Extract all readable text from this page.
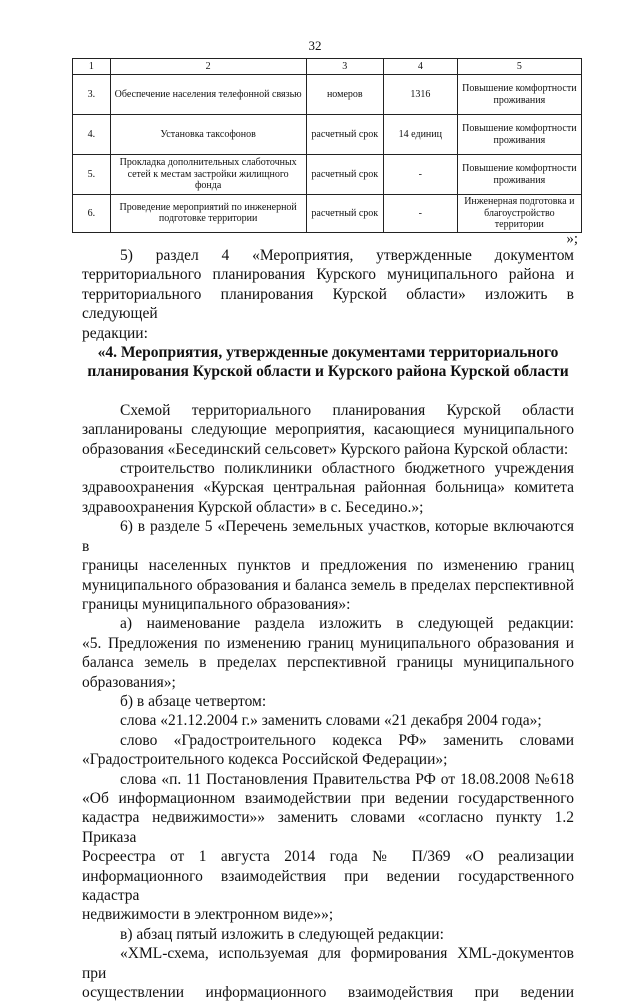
32
1	2	3	4	5
3.	Обеспечение населения телефонной связью	номеров	1316	Повышение комфортности проживания
4.	Установка таксофонов	расчетный срок	14 единиц	Повышение комфортности проживания
5.	Прокладка дополнительных слаботочных сетей к местам застройки жилищного фонда	расчетный срок	-	Повышение комфортности проживания
6.	Проведение мероприятий по инженерной подготовке территории	расчетный срок	-	Инженерная подготовка и благоустройство территории
»;

5) раздел 4 «Мероприятия, утвержденные документом

территориального планирования Курского муниципального района и

территориального планирования Курской области» изложить в следующей

редакции:

«4. Мероприятия, утвержденные документами территориального

планирования Курской области и Курского района Курской области

Схемой территориального планирования Курской области

запланированы следующие мероприятия, касающиеся муниципального

образования «Бесединский сельсовет» Курского района Курской области:

строительство поликлиники областного бюджетного учреждения

здравоохранения «Курская центральная районная больница» комитета

здравоохранения Курской области» в с. Беседино.»;

6) в разделе 5 «Перечень земельных участков, которые включаются в

границы населенных пунктов и предложения по изменению границ

муниципального образования и баланса земель в пределах перспективной

границы муниципального образования»:

а) наименование раздела изложить в следующей редакции:

«5. Предложения по изменению границ муниципального образования и

баланса земель в пределах перспективной границы муниципального

образования»;

б) в абзаце четвертом:

слова «21.12.2004 г.» заменить словами «21 декабря 2004 года»;

слово «Градостроительного кодекса РФ» заменить словами

«Градостроительного кодекса Российской Федерации»;

слова «п. 11 Постановления Правительства РФ от 18.08.2008 №618

«Об информационном взаимодействии при ведении государственного

кадастра недвижимости»» заменить словами «согласно пункту 1.2 Приказа

Росреестра от 1 августа 2014 года № П/369 «О реализации

информационного взаимодействия при ведении государственного кадастра

недвижимости в электронном виде»»;

в) абзац пятый изложить в следующей редакции:

«XML-схема, используемая для формирования XML-документов при

осуществлении информационного взаимодействия при ведении
